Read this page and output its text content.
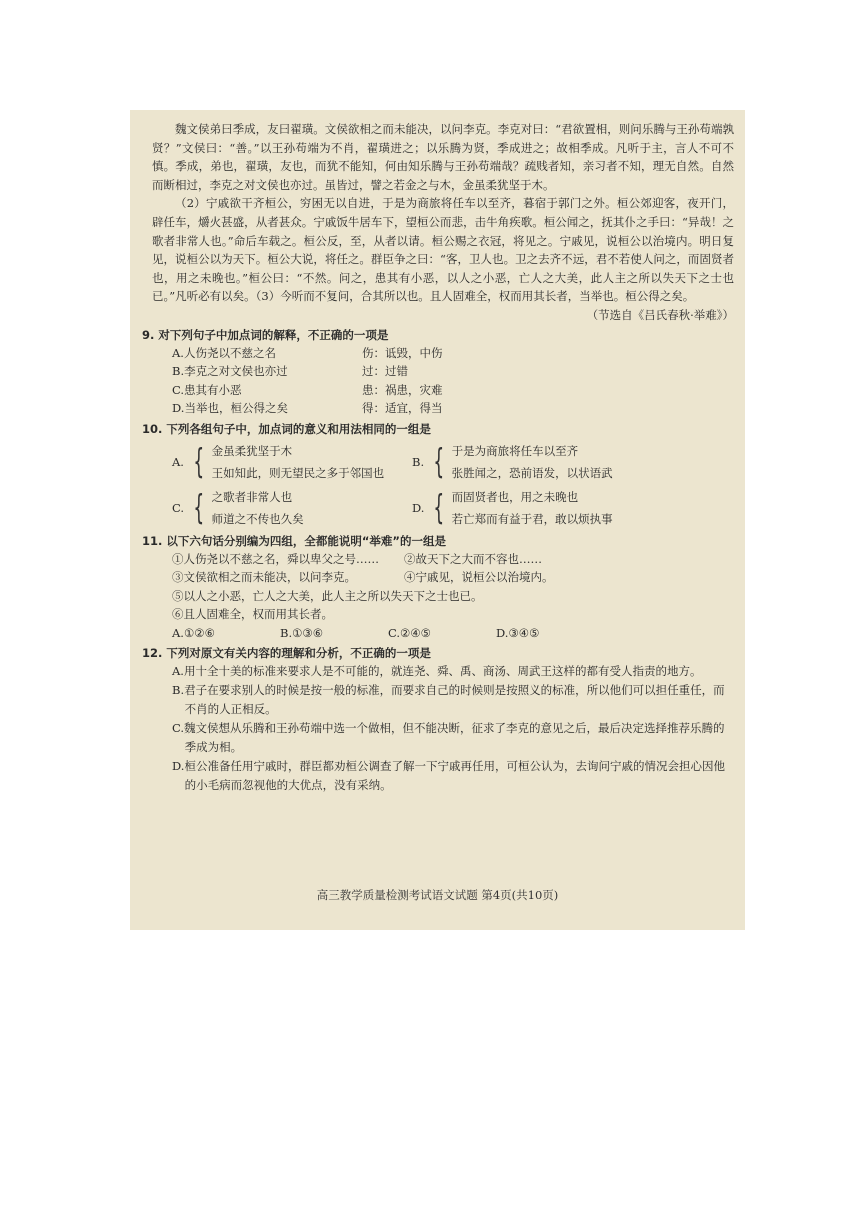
魏文侯弟曰季成，友曰翟璜。文侯欲相之而未能决，以问李克。李克对曰：“君欲置相，则问乐腾与王孙苟端孰贤？”文侯曰：“善。”以王孙苟端为不肖，翟璜进之；以乐腾为贤，季成进之；故相季成。凡听于主，言人不可不慎。季成，弟也，翟璜，友也，而犹不能知，何由知乐腾与王孙苟端哉？疏贱者知，亲习者不知，理无自然。自然而断相过，李克之对文侯也亦过。虽皆过，譬之若金之与木，金虽柔犹坚于木。

（2）宁戚欲干齐桓公，穷困无以自进，于是为商旅将任车以至齐，暮宿于郭门之外。桓公郊迎客，夜开门，辟任车，爝火甚盛，从者甚众。宁戚饭牛居车下，望桓公而悲，击牛角疾歌。桓公闻之，抚其仆之手曰：“异哉！之歌者非常人也。”命后车载之。桓公反，至，从者以请。桓公赐之衣冠，将见之。宁戚见，说桓公以治境内。明日复见，说桓公以为天下。桓公大说，将任之。群臣争之曰：“客，卫人也。卫之去齐不远，君不若使人问之，而固贤者也，用之未晚也。”桓公曰：“不然。问之，患其有小恶，以人之小恶，亡人之大美，此人主之所以失天下之士也已。”凡听必有以矣。（3）今听而不复问，合其所以也。且人固难全，权而用其长者，当举也。桓公得之矣。

（节选自《吕氏春秋·举难》）

9. 对下列句子中加点词的解释，不正确的一项是
A.人伤尧以不慈之名	伤：诋毁，中伤
B.李克之对文侯也亦过	过：过错
C.患其有小恶	患：祸患，灾难
D.当举也，桓公得之矣	得：适宜，得当
10. 下列各组句子中，加点词的意义和用法相同的一组是
A. { 金虽柔犹坚于木
王如知此，则无望民之多于邻国也
B. { 于是为商旅将任车以至齐
张胜闻之，恐前语发，以状语武
C. { 之歌者非常人也
师道之不传也久矣
D. { 而固贤者也，用之未晚也
若亡郑而有益于君，敢以烦执事
11. 以下六句话分别编为四组，全都能说明“举难”的一组是
①人伤尧以不慈之名，舜以卑父之号……	②故天下之大而不容也……
③文侯欲相之而未能决，以问李克。	④宁戚见，说桓公以治境内。
⑤以人之小恶，亡人之大美，此人主之所以失天下之士也已。
⑥且人固难全，权而用其长者。
A.①②⑥	B.①③⑥	C.②④⑤	D.③④⑤
12. 下列对原文有关内容的理解和分析，不正确的一项是
A.用十全十美的标准来要求人是不可能的，就连尧、舜、禹、商汤、周武王这样的都有受人指责的地方。
B.君子在要求别人的时候是按一般的标准，而要求自己的时候则是按照义的标准，所以他们可以担任重任，而不肖的人正相反。
C.魏文侯想从乐腾和王孙苟端中选一个做相，但不能决断，征求了李克的意见之后，最后决定选择推荐乐腾的季成为相。
D.桓公准备任用宁戚时，群臣都劝桓公调查了解一下宁戚再任用，可桓公认为，去询问宁戚的情况会担心因他的小毛病而忽视他的大优点，没有采纳。
高三教学质量检测考试语文试题 第4页(共10页)
